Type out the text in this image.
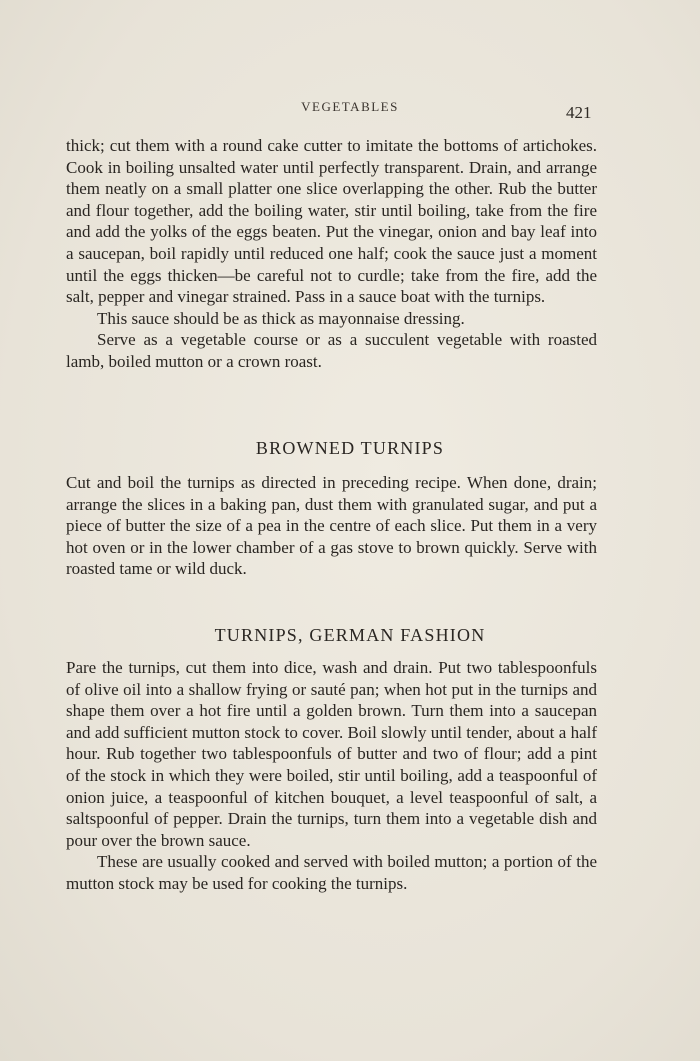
VEGETABLES	421

thick; cut them with a round cake cutter to imitate the bottoms of artichokes. Cook in boiling unsalted water until perfectly transparent. Drain, and arrange them neatly on a small platter one slice overlapping the other. Rub the butter and flour together, add the boiling water, stir until boiling, take from the fire and add the yolks of the eggs beaten. Put the vinegar, onion and bay leaf into a saucepan, boil rapidly until reduced one half; cook the sauce just a moment until the eggs thicken—be careful not to curdle; take from the fire, add the salt, pepper and vinegar strained. Pass in a sauce boat with the turnips.

This sauce should be as thick as mayonnaise dressing.

Serve as a vegetable course or as a succulent vegetable with roasted lamb, boiled mutton or a crown roast.

BROWNED TURNIPS

Cut and boil the turnips as directed in preceding recipe. When done, drain; arrange the slices in a baking pan, dust them with granulated sugar, and put a piece of butter the size of a pea in the centre of each slice. Put them in a very hot oven or in the lower chamber of a gas stove to brown quickly. Serve with roasted tame or wild duck.

TURNIPS, GERMAN FASHION

Pare the turnips, cut them into dice, wash and drain. Put two tablespoonfuls of olive oil into a shallow frying or sauté pan; when hot put in the turnips and shape them over a hot fire until a golden brown. Turn them into a saucepan and add sufficient mutton stock to cover. Boil slowly until tender, about a half hour. Rub together two tablespoonfuls of butter and two of flour; add a pint of the stock in which they were boiled, stir until boiling, add a teaspoonful of onion juice, a teaspoonful of kitchen bouquet, a level teaspoonful of salt, a saltspoonful of pepper. Drain the turnips, turn them into a vegetable dish and pour over the brown sauce.

These are usually cooked and served with boiled mutton; a portion of the mutton stock may be used for cooking the turnips.
